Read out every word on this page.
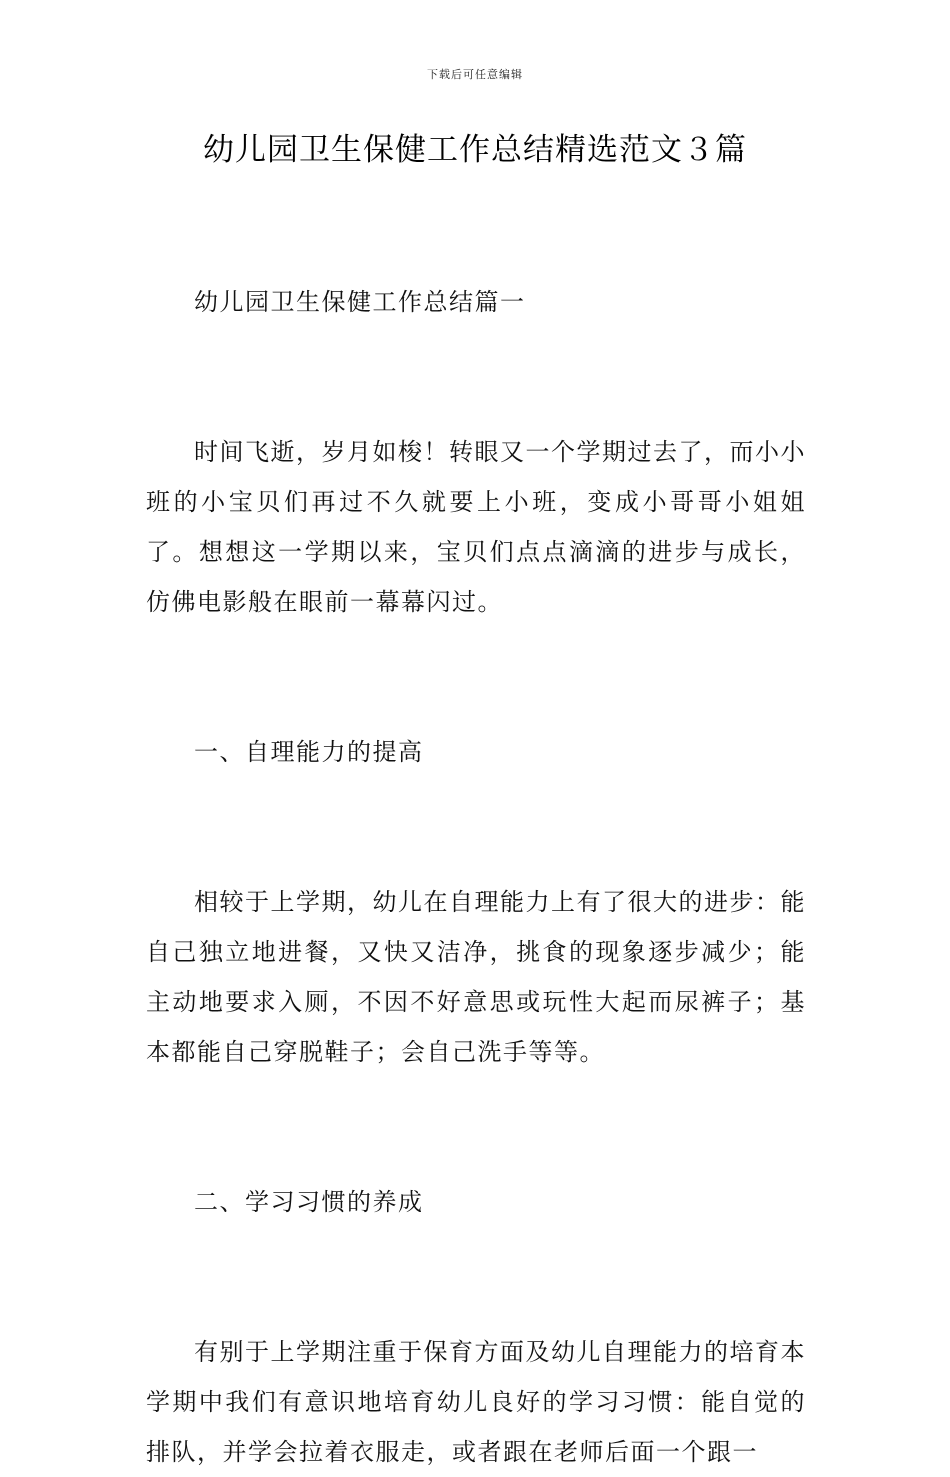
下载后可任意编辑
幼儿园卫生保健工作总结精选范文３篇

幼儿园卫生保健工作总结篇一

时间飞逝，岁月如梭！转眼又一个学期过去了，而小小班的小宝贝们再过不久就要上小班，变成小哥哥小姐姐了。想想这一学期以来，宝贝们点点滴滴的进步与成长，仿佛电影般在眼前一幕幕闪过。

一、自理能力的提高

相较于上学期，幼儿在自理能力上有了很大的进步：能自己独立地进餐，又快又洁净，挑食的现象逐步减少；能主动地要求入厕，不因不好意思或玩性大起而尿裤子；基本都能自己穿脱鞋子；会自己洗手等等。

二、学习习惯的养成

有别于上学期注重于保育方面及幼儿自理能力的培育本学期中我们有意识地培育幼儿良好的学习习惯：能自觉的排队，并学会拉着衣服走，或者跟在老师后面一个跟一
